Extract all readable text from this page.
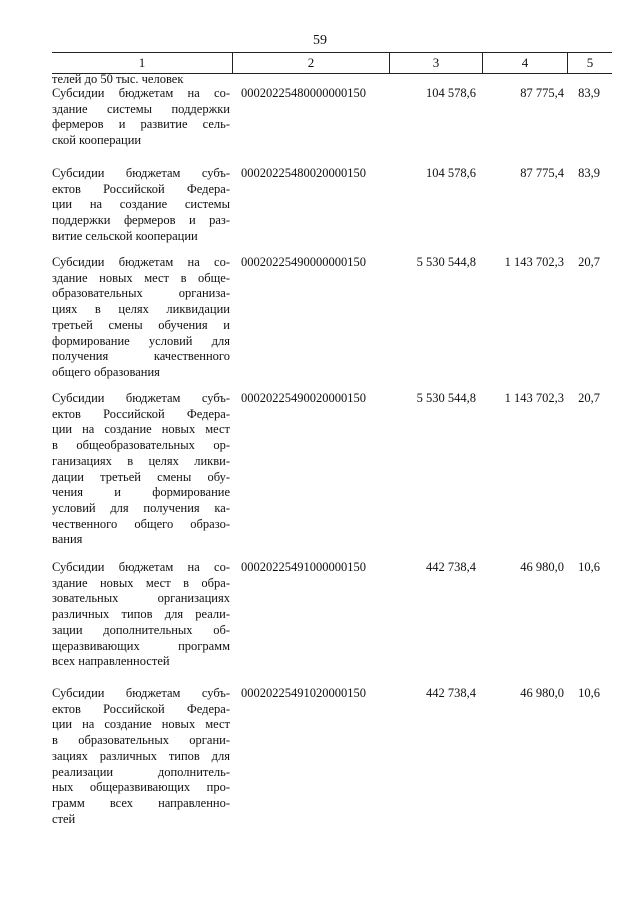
59
1	2	3	4	5
телей до 50 тыс. человек
Субсидии бюджетам на со-
здание системы поддержки
фермеров и развитие сель-
ской кооперации
00020225480000000150	104 578,6	87 775,4	83,9
Субсидии бюджетам субъ-
ектов Российской Федера-
ции на создание системы
поддержки фермеров и раз-
витие сельской кооперации
00020225480020000150	104 578,6	87 775,4	83,9
Субсидии бюджетам на со-
здание новых мест в обще-
образовательных организа-
циях в целях ликвидации
третьей смены обучения и
формирование условий для
получения качественного
общего образования
00020225490000000150	5 530 544,8	1 143 702,3	20,7
Субсидии бюджетам субъ-
ектов Российской Федера-
ции на создание новых мест
в общеобразовательных ор-
ганизациях в целях ликви-
дации третьей смены обу-
чения и формирование
условий для получения ка-
чественного общего образо-
вания
00020225490020000150	5 530 544,8	1 143 702,3	20,7
Субсидии бюджетам на со-
здание новых мест в обра-
зовательных организациях
различных типов для реали-
зации дополнительных об-
щеразвивающих программ
всех направленностей
00020225491000000150	442 738,4	46 980,0	10,6
Субсидии бюджетам субъ-
ектов Российской Федера-
ции на создание новых мест
в образовательных органи-
зациях различных типов для
реализации дополнитель-
ных общеразвивающих про-
грамм всех направленно-
стей
00020225491020000150	442 738,4	46 980,0	10,6
